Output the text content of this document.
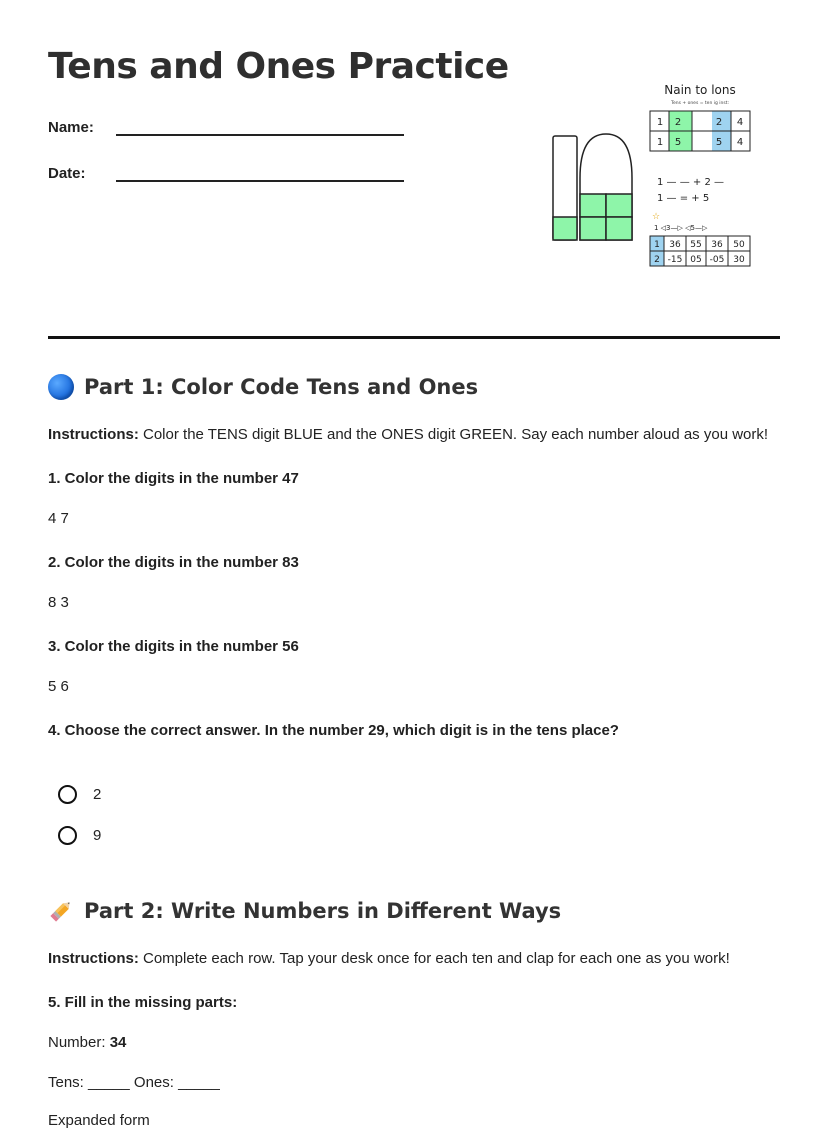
Tens and Ones Practice
Name:
Date:
Part 1: Color Code Tens and Ones
Instructions: Color the TENS digit BLUE and the ONES digit GREEN. Say each number aloud as you work!
1. Color the digits in the number 47
4 7
2. Color the digits in the number 83
8 3
3. Color the digits in the number 56
5 6
4. Choose the correct answer. In the number 29, which digit is in the tens place?
2
9
Part 2: Write Numbers in Different Ways
Instructions: Complete each row. Tap your desk once for each ten and clap for each one as you work!
5. Fill in the missing parts:
Number: 34
Tens: _____ Ones: _____
Expanded form
Nain to lons
Tens + ones = ten ig inst:
1 2	2 4
1 5	5 4
1 — — + 2 —
1 — = + 5
☆
1 ◁3—▷ ◁5—▷
1 36 55 36 50
2 -15 05 -05 30
